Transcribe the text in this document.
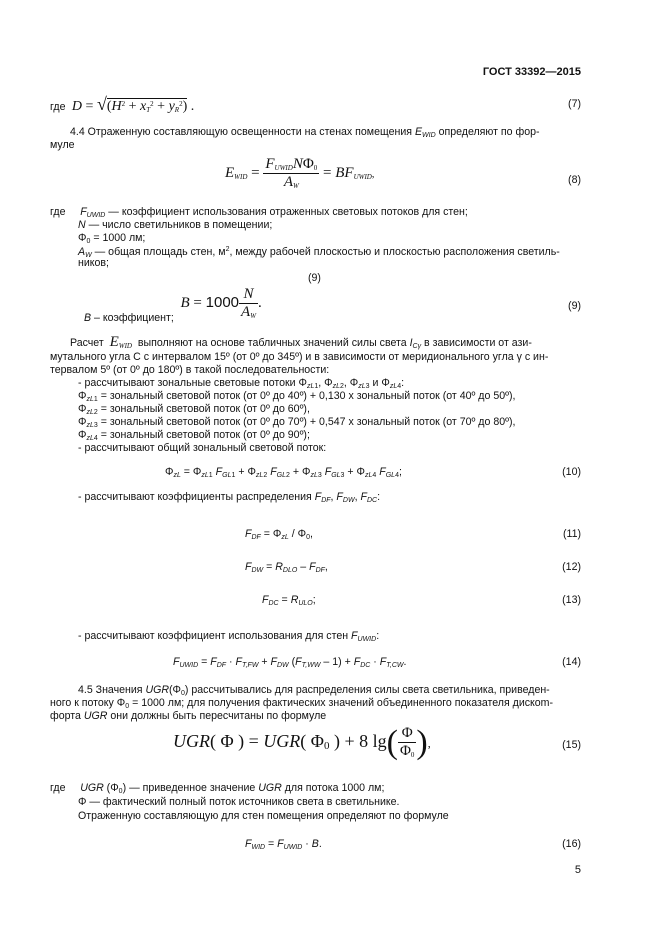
ГОСТ 33392—2015
где $D = √(H^2 + x_T^2 + y_R^2)$ .	(7)
4.4 Отраженную составляющую освещенности на стенах помещения $E_{WID}$ определяют по фор-
муле
$E_{WID} = \frac{F_{UWID}N\Phi_0}{A_W} = BF_{UWID}$,	(8)
где $F_{UWID}$ — коэффициент использования отраженных световых потоков для стен;
N — число светильников в помещении;
$\Phi_0 = 1000$ лм;
$A_W$ — общая площадь стен, $м^2$, между рабочей плоскостью и плоскостью расположения светиль-
ников;
(9)
B – коэффициент;  $B = 1000 \frac{N}{A_W}$ .	(9)
Расчет $E_{WID}$ выполняют на основе табличных значений силы света $I_{C\gamma}$ в зависимости от ази-
мутального угла С с интервалом 15º (от 0º до 345º) и в зависимости от меридионального угла γ с ин-
тервалом 5º (от 0º до 180º) в такой последовательности:
- рассчитывают зональные световые потоки $\Phi_{zL1}$, $\Phi_{zL2}$, $\Phi_{zL3}$ и $\Phi_{zL4}$:
$\Phi_{zL1}$ = зональный световой поток (от 0º до 40º) + 0,130 х зональный поток (от 40º до 50º),
$\Phi_{zL2}$ = зональный световой поток (от 0º до 60º),
$\Phi_{zL3}$ = зональный световой поток (от 0º до 70º) + 0,547 х зональный поток (от 70º до 80º),
$\Phi_{zL4}$ = зональный световой поток (от 0º до 90º);
- рассчитывают общий зональный световой поток:
$\Phi_{zL} = \Phi_{zL1}$ $F_{GL1} + \Phi_{zL2}$ $F_{GL2} + \Phi_{zL3}$ $F_{GL3} + \Phi_{zL4}$ $F_{GL4}$;	(10)
- рассчитывают коэффициенты распределения $F_{DF}$, $F_{DW}$, $F_{DC}$:
$F_{DF} = \Phi_{zL} / \Phi_0$,	(11)
$F_{DW} = R_{DLO} - F_{DF}$,	(12)
$F_{DC} = R_{ULO}$;	(13)
- рассчитывают коэффициент использования для стен $F_{UWID}$:
$F_{UWID} = F_{DF} \cdot F_{T,FW} + F_{DW}$ $(F_{T,WW} - 1) + F_{DC} \cdot F_{T,CW}$.	(14)
4.5 Значения $UGR(\Phi_0)$ рассчитывались для распределения силы света светильника, приведен-
ного к потоку $\Phi_0 = 1000$ лм; для получения фактических значений объединенного показателя дискоm-
форта UGR они должны быть пересчитаны по формуле
UGR( Φ ) = UGR( $\Phi_0$ ) + 8 $\lg( \frac{\Phi}{\Phi_0}$ ),	(15)
где UGR $(\Phi_0)$ — приведенное значение UGR для потока 1000 лм;
Φ — фактический полный поток источников света в светильнике.
Отраженную составляющую для стен помещения определяют по формуле
$F_{WID} = F_{UWID} \cdot B$.	(16)
5
